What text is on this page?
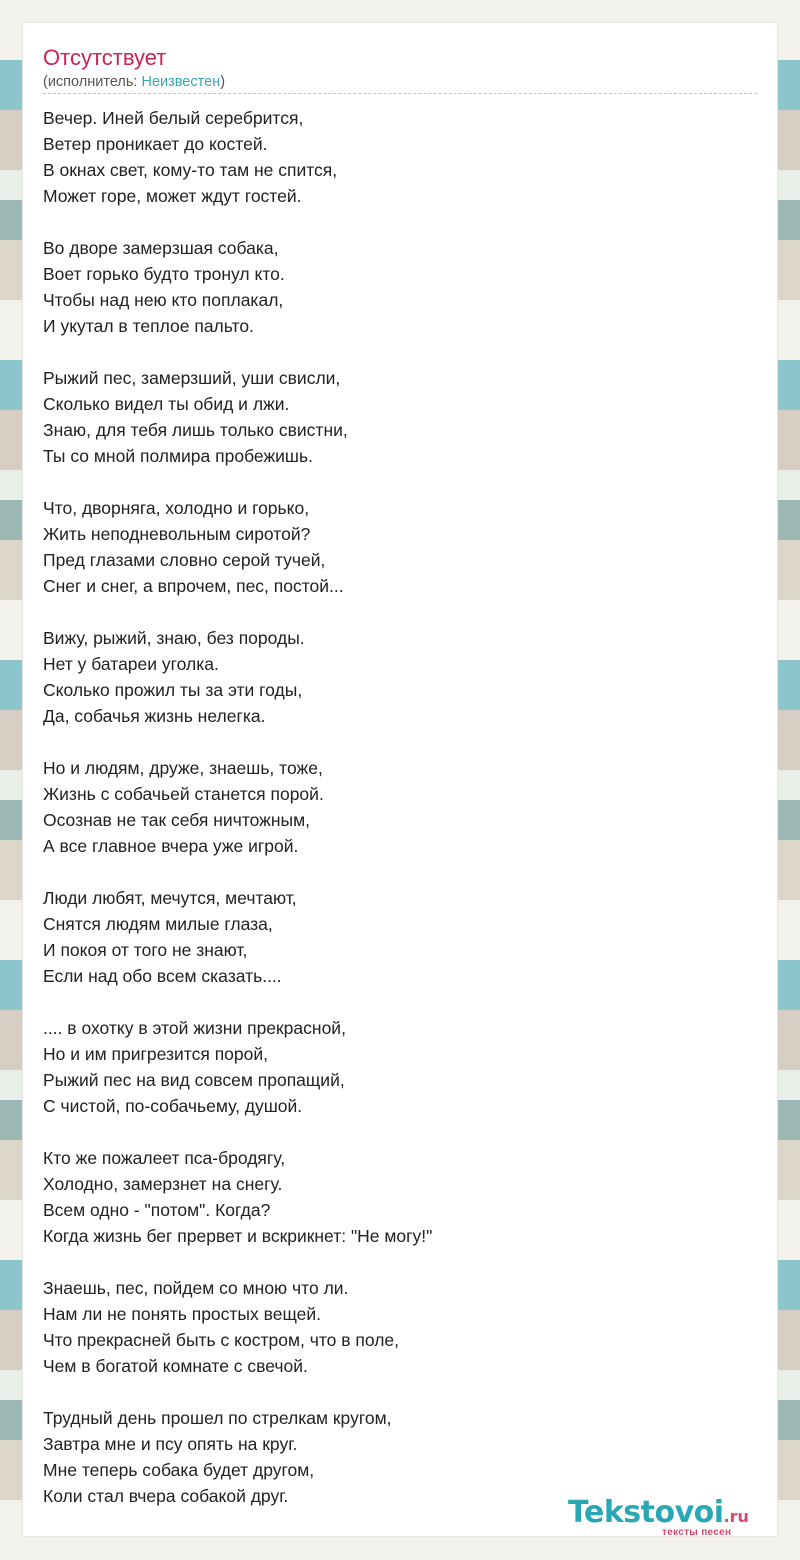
Отсутствует
(исполнитель: Неизвестен)
Вечер. Иней белый серебрится,
Ветер проникает до костей.
В окнах свет, кому-то там не спится,
Может горе, может ждут гостей.
Во дворе замерзшая собака,
Воет горько будто тронул кто.
Чтобы над нею кто поплакал,
И укутал в теплое пальто.
Рыжий пес, замерзший, уши свисли,
Сколько видел ты обид и лжи.
Знаю, для тебя лишь только свистни,
Ты со мной полмира пробежишь.
Что, дворняга, холодно и горько,
Жить неподневольным сиротой?
Пред глазами словно серой тучей,
Снег и снег, а впрочем, пес, постой...
Вижу, рыжий, знаю, без породы.
Нет у батареи уголка.
Сколько прожил ты за эти годы,
Да, собачья жизнь нелегка.
Но и людям, друже, знаешь, тоже,
Жизнь с собачьей станется порой.
Осознав не так себя ничтожным,
А все главное вчера уже игрой.
Люди любят, мечутся, мечтают,
Снятся людям милые глаза,
И покоя от того не знают,
Если над обо всем сказать....
.... в охотку в этой жизни прекрасной,
Но и им пригрезится порой,
Рыжий пес на вид совсем пропащий,
С чистой, по-собачьему, душой.
Кто же пожалеет пса-бродягу,
Холодно, замерзнет на снегу.
Всем одно - "потом". Когда?
Когда жизнь бег прервет и вскрикнет: "Не могу!"
Знаешь, пес, пойдем со мною что ли.
Нам ли не понять простых вещей.
Что прекрасней быть с костром, что в поле,
Чем в богатой комнате с свечой.
Трудный день прошел по стрелкам кругом,
Завтра мне и псу опять на круг.
Мне теперь собака будет другом,
Коли стал вчера собакой друг.	Tekstovoi.ru
тексты песен
